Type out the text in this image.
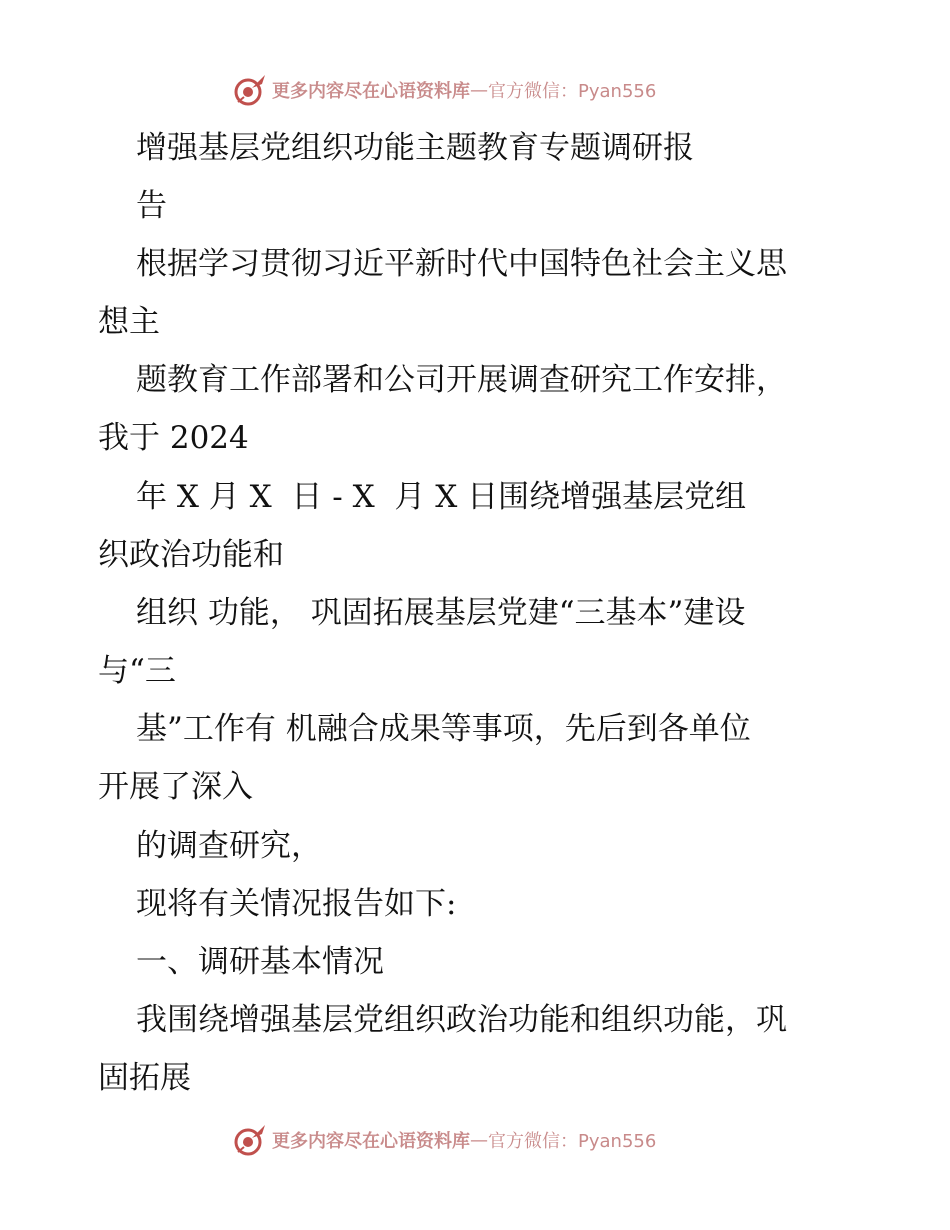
更多内容尽在心语资料库 — 官方微信：Pyan556
增强基层党组织功能主题教育专题调研报
告
根据学习贯彻习近平新时代中国特色社会主义思
想主
题教育工作部署和公司开展调查研究工作安排，
我于 2024
年 X 月 X  日 - X  月 X 日围绕增强基层党组
织政治功能和
组织 功能， 巩固拓展基层党建“三基本”建设
与“三
基”工作有 机融合成果等事项，先后到各单位
开展了深入
的调查研究，
现将有关情况报告如下:
一、调研基本情况
我围绕增强基层党组织政治功能和组织功能，巩
固拓展
更多内容尽在心语资料库 — 官方微信：Pyan556
